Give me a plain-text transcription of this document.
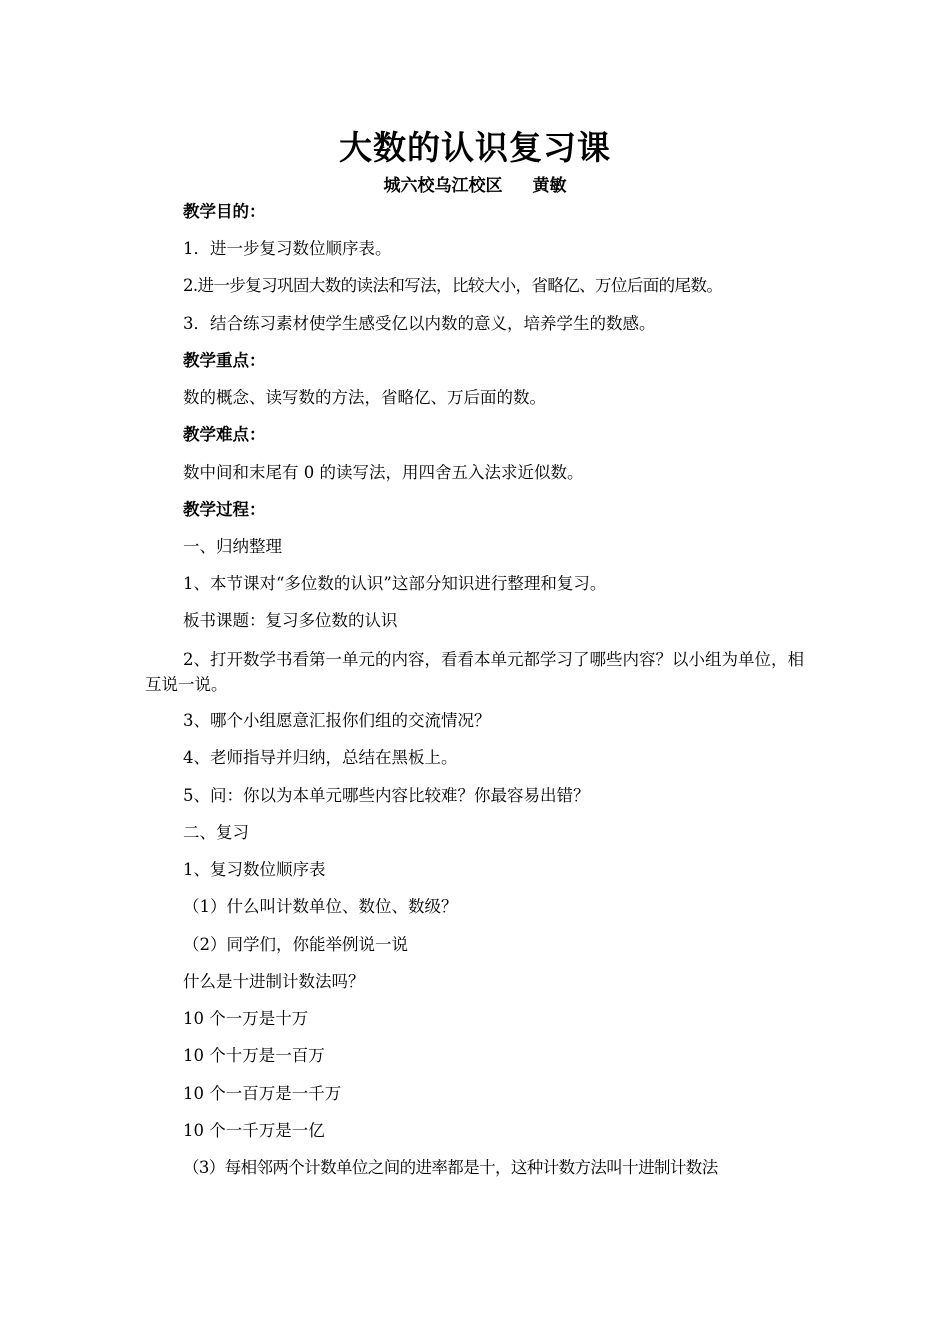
大数的认识复习课
城六校乌江校区 黄敏
教学目的：
1．进一步复习数位顺序表。
2.进一步复习巩固大数的读法和写法，比较大小，省略亿、万位后面的尾数。
3．结合练习素材使学生感受亿以内数的意义，培养学生的数感。
教学重点：
数的概念、读写数的方法，省略亿、万后面的数。
教学难点：
数中间和末尾有 0 的读写法，用四舍五入法求近似数。
教学过程：
一、归纳整理
1、本节课对“多位数的认识”这部分知识进行整理和复习。
板书课题：复习多位数的认识
2、打开数学书看第一单元的内容，看看本单元都学习了哪些内容？以小组为单位，相互说一说。
3、哪个小组愿意汇报你们组的交流情况？
4、老师指导并归纳，总结在黑板上。
5、问：你以为本单元哪些内容比较难？你最容易出错？
二、复习
1、复习数位顺序表
（1）什么叫计数单位、数位、数级？
（2）同学们，你能举例说一说
什么是十进制计数法吗？
10 个一万是十万
10 个十万是一百万
10 个一百万是一千万
10 个一千万是一亿
（3）每相邻两个计数单位之间的进率都是十，这种计数方法叫十进制计数法
